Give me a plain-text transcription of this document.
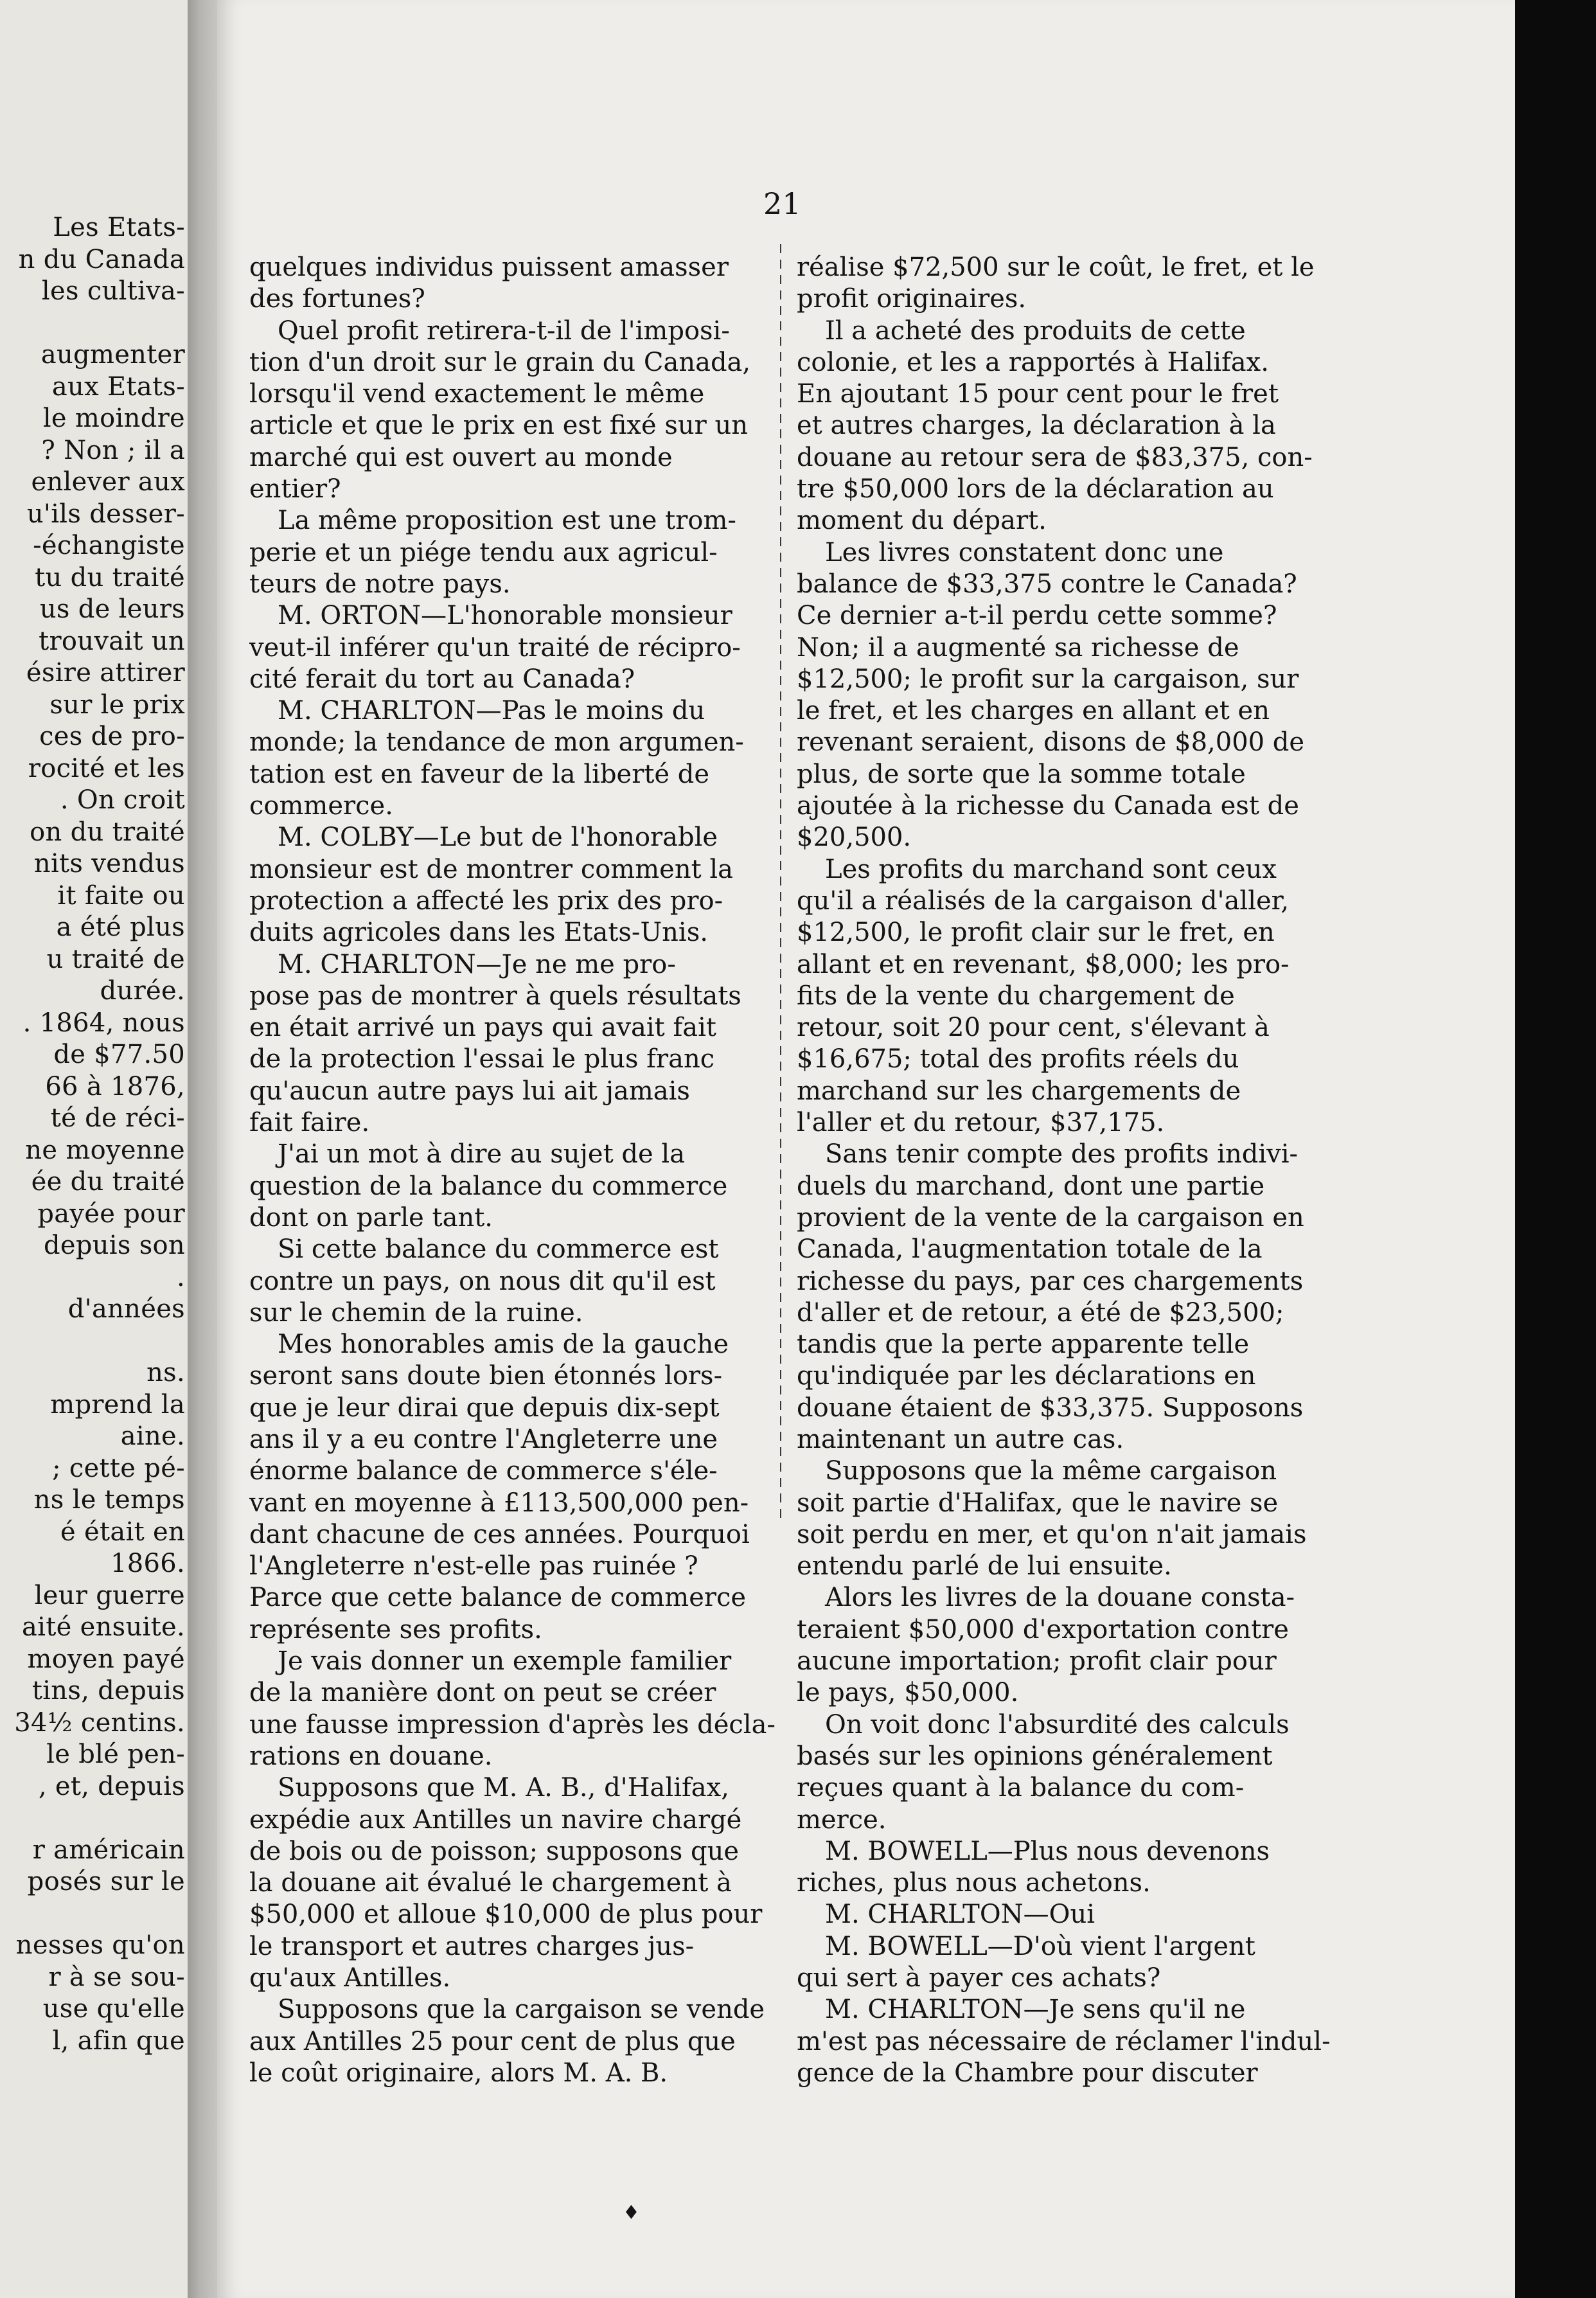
Les Etats-
n du Canada
les cultiva-
augmenter
aux Etats-
le moindre
? Non ; il a
enlever aux
u'ils desser-
-échangiste
tu du traité
us de leurs
trouvait un
ésire attirer
sur le prix
ces de pro-
rocité et les
. On croit
on du traité
nits vendus
it faite ou
a été plus
u traité de
durée.
. 1864, nous
de $77.50
66 à 1876,
té de réci-
ne moyenne
ée du traité
payée pour
depuis son
.
d'années
ns.
mprend la
aine.
; cette pé-
ns le temps
é était en
1866.
leur guerre
aité ensuite.
moyen payé
tins, depuis
34½ centins.
le blé pen-
, et, depuis
r américain
posés sur le
nesses qu'on
r à se sou-
use qu'elle
l, afin que
21
quelques individus puissent amasser
des fortunes?
Quel profit retirera-t-il de l'imposi-
tion d'un droit sur le grain du Canada,
lorsqu'il vend exactement le même
article et que le prix en est fixé sur un
marché qui est ouvert au monde
entier?
La même proposition est une trom-
perie et un piége tendu aux agricul-
teurs de notre pays.
M. ORTON—L'honorable monsieur
veut-il inférer qu'un traité de récipro-
cité ferait du tort au Canada?
M. CHARLTON—Pas le moins du
monde; la tendance de mon argumen-
tation est en faveur de la liberté de
commerce.
M. COLBY—Le but de l'honorable
monsieur est de montrer comment la
protection a affecté les prix des pro-
duits agricoles dans les Etats-Unis.
M. CHARLTON—Je ne me pro-
pose pas de montrer à quels résultats
en était arrivé un pays qui avait fait
de la protection l'essai le plus franc
qu'aucun autre pays lui ait jamais
fait faire.
J'ai un mot à dire au sujet de la
question de la balance du commerce
dont on parle tant.
Si cette balance du commerce est
contre un pays, on nous dit qu'il est
sur le chemin de la ruine.
Mes honorables amis de la gauche
seront sans doute bien étonnés lors-
que je leur dirai que depuis dix-sept
ans il y a eu contre l'Angleterre une
énorme balance de commerce s'éle-
vant en moyenne à £113,500,000 pen-
dant chacune de ces années. Pourquoi
l'Angleterre n'est-elle pas ruinée ?
Parce que cette balance de commerce
représente ses profits.
Je vais donner un exemple familier
de la manière dont on peut se créer
une fausse impression d'après les décla-
rations en douane.
Supposons que M. A. B., d'Halifax,
expédie aux Antilles un navire chargé
de bois ou de poisson; supposons que
la douane ait évalué le chargement à
$50,000 et alloue $10,000 de plus pour
le transport et autres charges jus-
qu'aux Antilles.
Supposons que la cargaison se vende
aux Antilles 25 pour cent de plus que
le coût originaire, alors M. A. B.
réalise $72,500 sur le coût, le fret, et le
profit originaires.
Il a acheté des produits de cette
colonie, et les a rapportés à Halifax.
En ajoutant 15 pour cent pour le fret
et autres charges, la déclaration à la
douane au retour sera de $83,375, con-
tre $50,000 lors de la déclaration au
moment du départ.
Les livres constatent donc une
balance de $33,375 contre le Canada?
Ce dernier a-t-il perdu cette somme?
Non; il a augmenté sa richesse de
$12,500; le profit sur la cargaison, sur
le fret, et les charges en allant et en
revenant seraient, disons de $8,000 de
plus, de sorte que la somme totale
ajoutée à la richesse du Canada est de
$20,500.
Les profits du marchand sont ceux
qu'il a réalisés de la cargaison d'aller,
$12,500, le profit clair sur le fret, en
allant et en revenant, $8,000; les pro-
fits de la vente du chargement de
retour, soit 20 pour cent, s'élevant à
$16,675; total des profits réels du
marchand sur les chargements de
l'aller et du retour, $37,175.
Sans tenir compte des profits indivi-
duels du marchand, dont une partie
provient de la vente de la cargaison en
Canada, l'augmentation totale de la
richesse du pays, par ces chargements
d'aller et de retour, a été de $23,500;
tandis que la perte apparente telle
qu'indiquée par les déclarations en
douane étaient de $33,375. Supposons
maintenant un autre cas.
Supposons que la même cargaison
soit partie d'Halifax, que le navire se
soit perdu en mer, et qu'on n'ait jamais
entendu parlé de lui ensuite.
Alors les livres de la douane consta-
teraient $50,000 d'exportation contre
aucune importation; profit clair pour
le pays, $50,000.
On voit donc l'absurdité des calculs
basés sur les opinions généralement
reçues quant à la balance du com-
merce.
M. BOWELL—Plus nous devenons
riches, plus nous achetons.
M. CHARLTON—Oui
M. BOWELL—D'où vient l'argent
qui sert à payer ces achats?
M. CHARLTON—Je sens qu'il ne
m'est pas nécessaire de réclamer l'indul-
gence de la Chambre pour discuter
♦
